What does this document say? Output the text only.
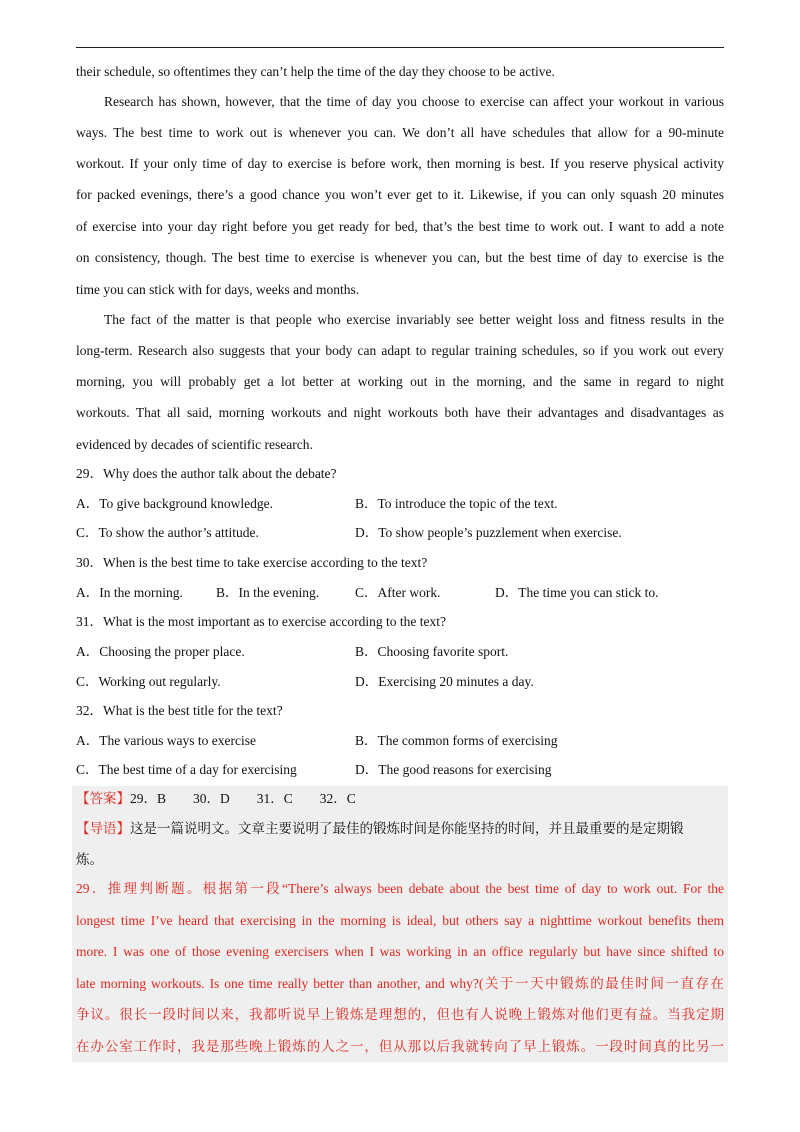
their schedule, so oftentimes they can’t help the time of the day they choose to be active.
Research has shown, however, that the time of day you choose to exercise can affect your workout in various
ways. The best time to work out is whenever you can. We don’t all have schedules that allow for a 90-minute
workout. If your only time of day to exercise is before work, then morning is best. If you reserve physical activity
for packed evenings, there’s a good chance you won’t ever get to it. Likewise, if you can only squash 20 minutes
of exercise into your day right before you get ready for bed, that’s the best time to work out. I want to add a note
on consistency, though. The best time to exercise is whenever you can, but the best time of day to exercise is the
time you can stick with for days, weeks and months.
The fact of the matter is that people who exercise invariably see better weight loss and fitness results in the
long-term. Research also suggests that your body can adapt to regular training schedules, so if you work out every
morning, you will probably get a lot better at working out in the morning, and the same in regard to night
workouts. That all said, morning workouts and night workouts both have their advantages and disadvantages as
evidenced by decades of scientific research.
29．Why does the author talk about the debate?
A．To give background knowledge.	B．To introduce the topic of the text.
C．To show the author’s attitude.	D．To show people’s puzzlement when exercise.
30．When is the best time to take exercise according to the text?
A．In the morning. B．In the evening.	C．After work.	D．The time you can stick to.
31．What is the most important as to exercise according to the text?
A．Choosing the proper place.	B．Choosing favorite sport.
C．Working out regularly.	D．Exercising 20 minutes a day.
32．What is the best title for the text?
A．The various ways to exercise	B．The common forms of exercising
C．The best time of a day for exercising	D．The good reasons for exercising
【答案】29．B　　30．D　　31．C　　32．C
【导语】这是一篇说明文。文章主要说明了最佳的锻炼时间是你能坚持的时间，并且最重要的是定期锻
炼。
29．推理判断题。根据第一段“There’s always been debate about the best time of day to work out. For the
longest time I’ve heard that exercising in the morning is ideal, but others say a nighttime workout benefits them
more. I was one of those evening exercisers when I was working in an office regularly but have since shifted to
late morning workouts. Is one time really better than another, and why?(关于一天中锻炼的最佳时间一直存在
争议。很长一段时间以来，我都听说早上锻炼是理想的，但也有人说晚上锻炼对他们更有益。当我定期
在办公室工作时，我是那些晚上锻炼的人之一，但从那以后我就转向了早上锻炼。一段时间真的比另一
